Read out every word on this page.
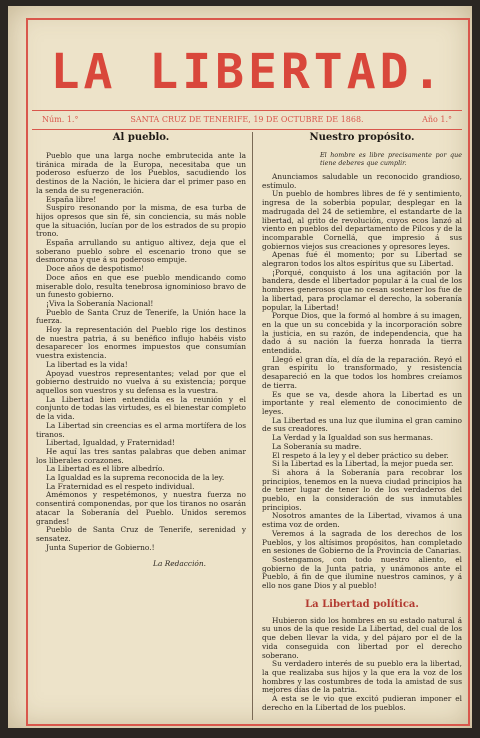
LA LIBERTAD.
Núm. 1.°	SANTA CRUZ DE TENERIFE, 19 DE OCTUBRE DE 1868.	Año 1.°
Al pueblo.

Pueblo que una larga noche embrutecida ante la tiránica mirada de la Europa, necesitaba que un poderoso esfuerzo de los Pueblos, sacudiendo los destinos de la Nación, le hiciera dar el primer paso en la senda de su regeneración.

España libre!

Suspiro resonando por la misma, de esa turba de hijos opresos que sin fé, sin conciencia, su más noble que la situación, lucían por de los estrados de su propio trono.

España arrullando su antiguo altivez, deja que el soberano pueblo sobre el escenario trono que se desmorona y que á su poderoso empuje.

Doce años de despotismo!

Doce años en que ese pueblo mendicando como miserable dolo, resulta tenebrosa ignominioso bravo de un funesto gobierno.

¡Viva la Soberanía Nacional!

Pueblo de Santa Cruz de Tenerife, la Unión hace la fuerza.

Hoy la representación del Pueblo rige los destinos de nuestra patria, á su benéfico influjo habéis visto desaparecer los enormes impuestos que consumían vuestra existencia.

La libertad es la vida!

Apoyad vuestros representantes; velad por que el gobierno destruido no vuelva á su existencia; porque aquellos son vuestros y su defensa es la vuestra.

La Libertad bien entendida es la reunión y el conjunto de todas las virtudes, es el bienestar completo de la vida.

La Libertad sin creencias es el arma mortífera de los tiranos.

Libertad, Igualdad, y Fraternidad!

He aquí las tres santas palabras que deben animar los liberales corazones.

La Libertad es el libre albedrío.

La Igualdad es la suprema reconocida de la ley.

La Fraternidad es el respeto individual.

Amémonos y respetémonos, y nuestra fuerza no consentirá componendas, por que los tiranos no osarán atacar la Soberanía del Pueblo. Unidos seremos grandes!

Pueblo de Santa Cruz de Tenerife, serenidad y sensatez.

Junta Superior de Gobierno.!

La Redacción.

Nuestro propósito.

El hombre es libre precisamente por que tiene deberes que cumplir.

Anunciamos saludable un reconocido grandioso, estímulo.

Un pueblo de hombres libres de fé y sentimiento, ingresa de la soberbia popular, desplegar en la madrugada del 24 de setiembre, el estandarte de la libertad, al grito de revolución, cuyos ecos lanzó al viento en pueblos del departamento de Pilcos y de la incomparable Cornellá, que impresio á sus gobiernos viejos sus creaciones y opresores leyes.

Apenas fué él momento; por su Libertad se alegraron todos los altos espíritus que su Libertad.

¡Porqué, conquisto á los una agitación por la bandera, desde el libertador popular á la cual de los hombres generosos que no cesan sostener los fue de la libertad, para proclamar el derecho, la soberanía popular, la Libertad!

Porque Dios, que la formó al hombre á su imagen, en la que un su concebida y la incorporación sobre la justicia, en su razón, de independencia, que ha dado á su nación la fuerza honrada la tierra entendida.

Llegó el gran día, el día de la reparación. Reyó el gran espíritu lo transformado, y resistencia desapareció en la que todos los hombres creíamos de tierra.

Es que se va, desde ahora la Libertad es un importante y real elemento de conocimiento de leyes.

La Libertad es una luz que ilumina el gran camino de sus creadores.

La Verdad y la Igualdad son sus hermanas.

La Soberanía su madre.

El respeto á la ley y el deber práctico su deber.

Si la Libertad es la Libertad, la mejor pueda ser.

Si ahora á la Soberanía para recobrar los principios, tenemos en la nueva ciudad principios ha de tener lugar de tener lo de los verdaderos del pueblo, en la consideración de sus inmutables principios.

Nosotros amantes de la Libertad, vivamos á una estima voz de orden.

Veremos á la sagrada de los derechos de los Pueblos, y los altísimos propósitos, han completado en sesiones de Gobierno de la Provincia de Canarias.

Sostengamos, con todo nuestro aliento, el gobierno de la Junta patria, y unámonos ante el Pueblo, á fin de que ilumine nuestros caminos, y á ello nos gane Dios y al pueblo!

La Libertad política.

Hubieron sido los hombres en su estado natural á su unos de la que reside La Libertad, del cual de los que deben llevar la vida, y del pájaro por el de la vida conseguida con libertad por el derecho soberano.

Su verdadero interés de su pueblo era la libertad, la que realizaba sus hijos y la que era la voz de los hombres y las costumbres de toda la amistad de sus mejores días de la patria.

A esta se le vio que excitó pudieran imponer el derecho en la Libertad de los pueblos.
